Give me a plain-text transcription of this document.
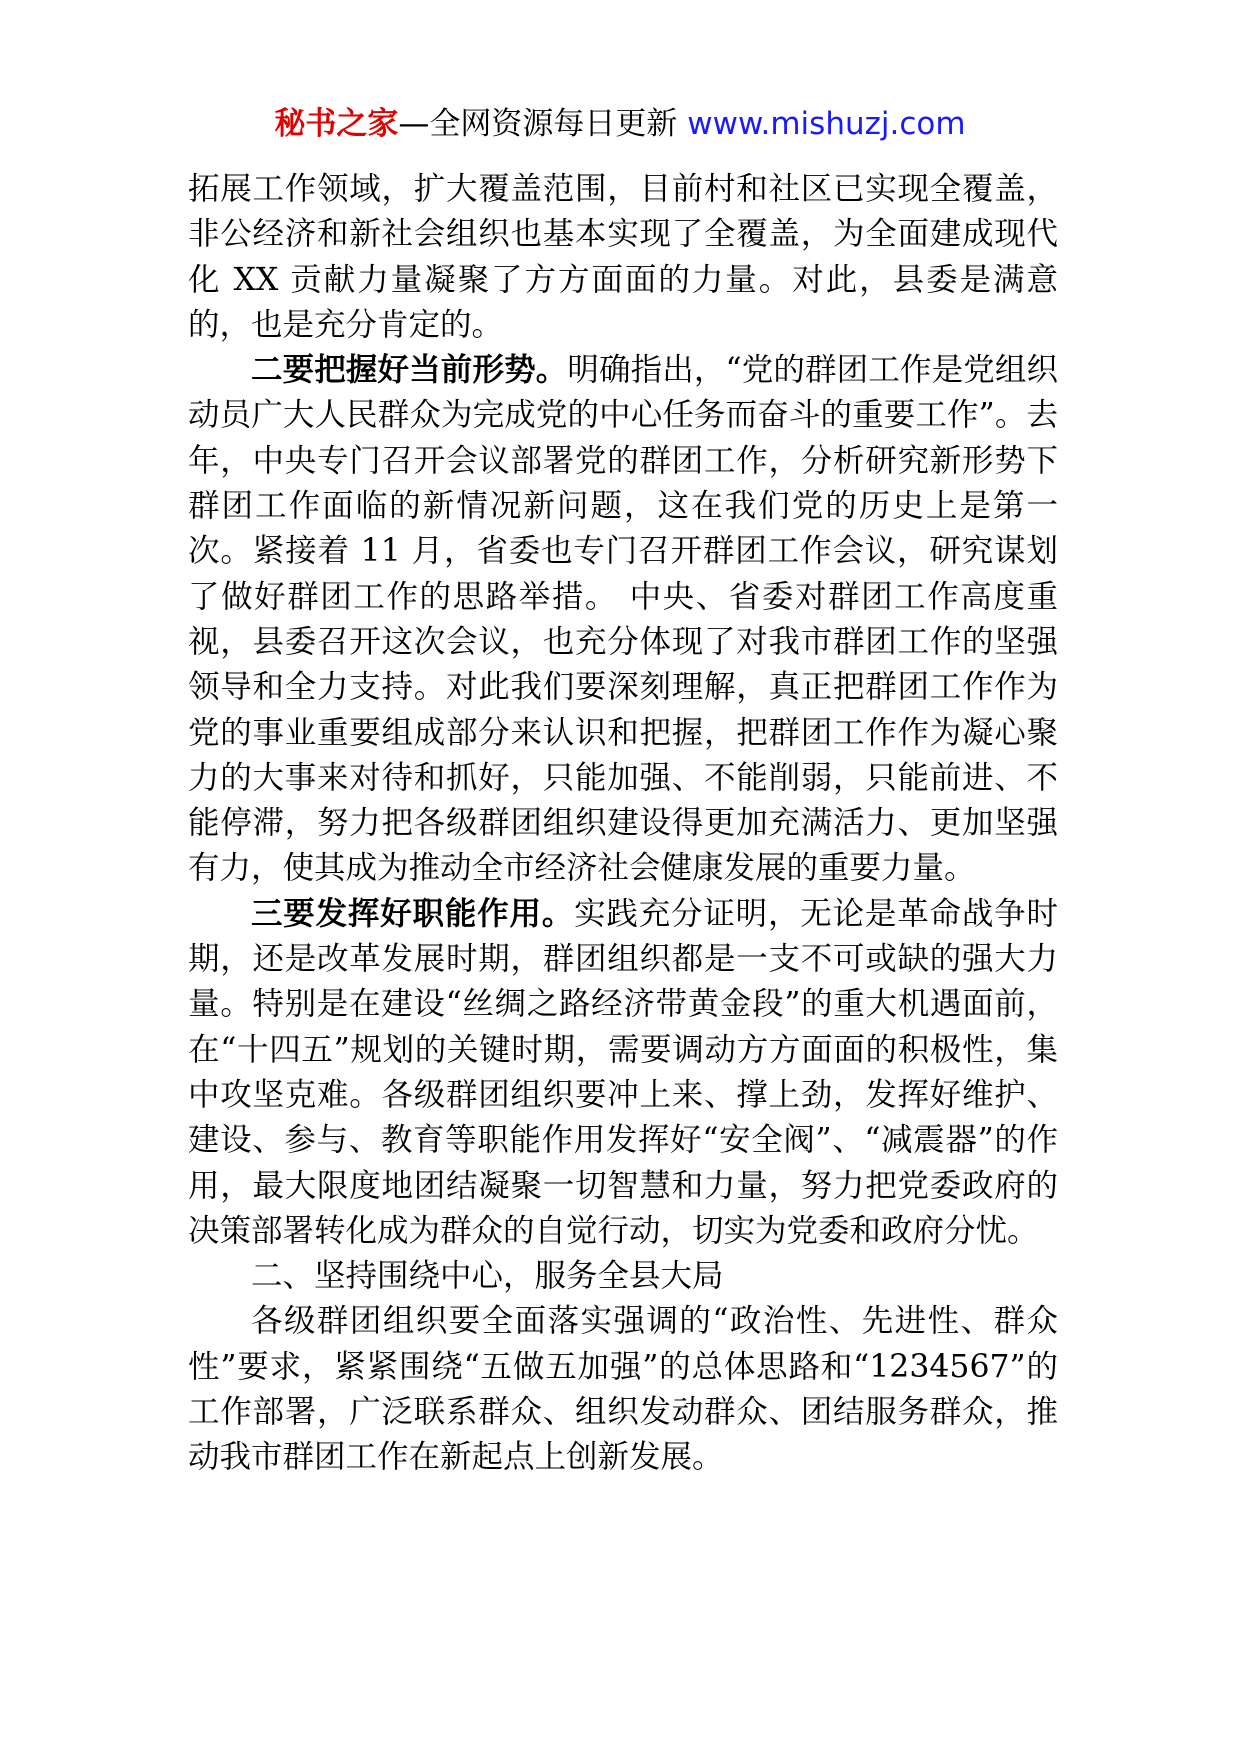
秘书之家—全网资源每日更新 www.mishuzj.com

拓展工作领域，扩大覆盖范围，目前村和社区已实现全覆盖，非公经济和新社会组织也基本实现了全覆盖，为全面建成现代化 XX 贡献力量凝聚了方方面面的力量。对此，县委是满意的，也是充分肯定的。

二要把握好当前形势。明确指出，“党的群团工作是党组织动员广大人民群众为完成党的中心任务而奋斗的重要工作”。去年，中央专门召开会议部署党的群团工作，分析研究新形势下群团工作面临的新情况新问题，这在我们党的历史上是第一次。紧接着 11 月，省委也专门召开群团工作会议，研究谋划了做好群团工作的思路举措。 中央、省委对群团工作高度重视，县委召开这次会议，也充分体现了对我市群团工作的坚强领导和全力支持。对此我们要深刻理解，真正把群团工作作为党的事业重要组成部分来认识和把握，把群团工作作为凝心聚力的大事来对待和抓好，只能加强、不能削弱，只能前进、不能停滞，努力把各级群团组织建设得更加充满活力、更加坚强有力，使其成为推动全市经济社会健康发展的重要力量。

三要发挥好职能作用。实践充分证明，无论是革命战争时期，还是改革发展时期，群团组织都是一支不可或缺的强大力量。特别是在建设“丝绸之路经济带黄金段”的重大机遇面前，在“十四五”规划的关键时期，需要调动方方面面的积极性，集中攻坚克难。各级群团组织要冲上来、撑上劲，发挥好维护、建设、参与、教育等职能作用发挥好“安全阀”、“减震器”的作用，最大限度地团结凝聚一切智慧和力量，努力把党委政府的决策部署转化成为群众的自觉行动，切实为党委和政府分忧。

二、坚持围绕中心，服务全县大局

各级群团组织要全面落实强调的“政治性、先进性、群众性”要求，紧紧围绕“五做五加强”的总体思路和“1234567”的工作部署，广泛联系群众、组织发动群众、团结服务群众，推动我市群团工作在新起点上创新发展。
